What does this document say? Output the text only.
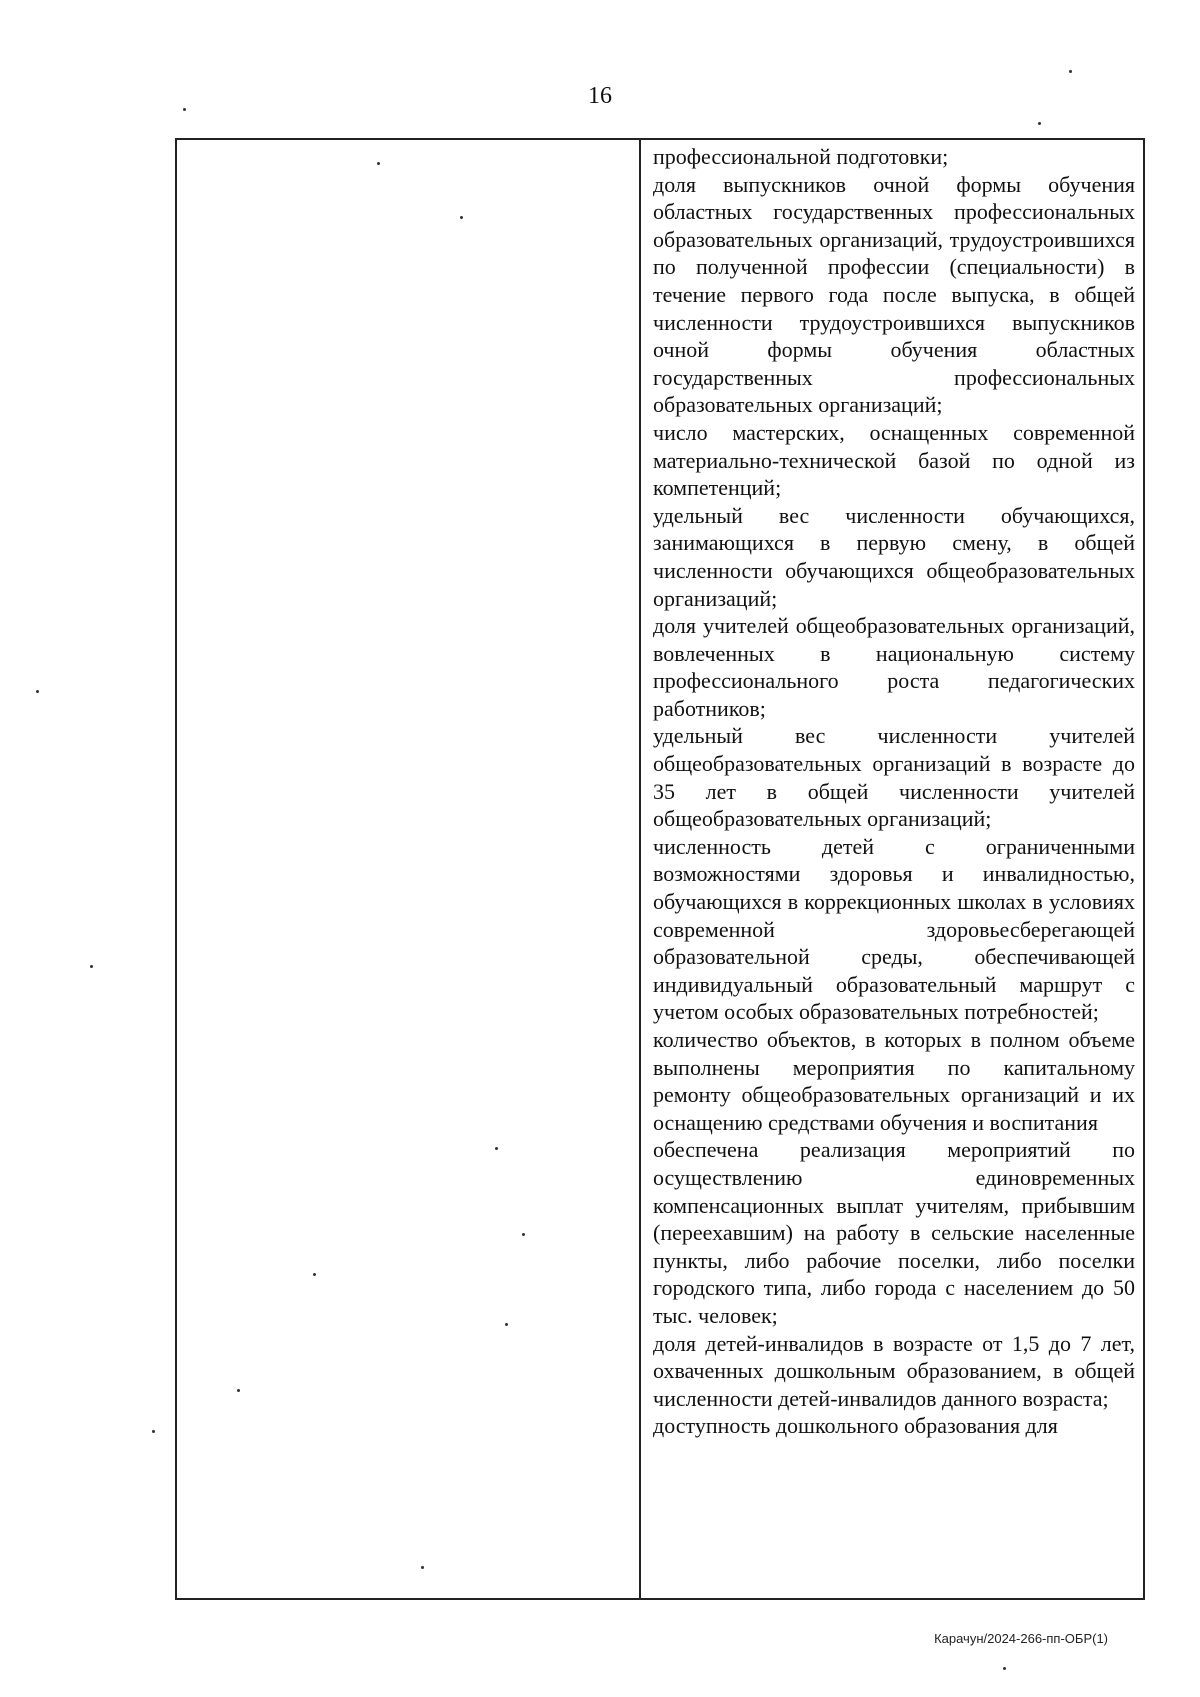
16

профессиональной подготовки;

доля выпускников очной формы обучения областных государственных профессиональных образовательных организаций, трудоустроившихся по полученной профессии (специальности) в течение первого года после выпуска, в общей численности трудоустроившихся выпускников очной формы обучения областных государственных профессиональных образовательных организаций;

число мастерских, оснащенных современной материально-технической базой по одной из компетенций;

удельный вес численности обучающихся, занимающихся в первую смену, в общей численности обучающихся общеобразовательных организаций;

доля учителей общеобразовательных организаций, вовлеченных в национальную систему профессионального роста педагогических работников;

удельный вес численности учителей общеобразовательных организаций в возрасте до 35 лет в общей численности учителей общеобразовательных организаций;

численность детей с ограниченными возможностями здоровья и инвалидностью, обучающихся в коррекционных школах в условиях современной здоровьесберегающей образовательной среды, обеспечивающей индивидуальный образовательный маршрут с учетом особых образовательных потребностей;

количество объектов, в которых в полном объеме выполнены мероприятия по капитальному ремонту общеобразовательных организаций и их оснащению средствами обучения и воспитания

обеспечена реализация мероприятий по осуществлению единовременных компенсационных выплат учителям, прибывшим (переехавшим) на работу в сельские населенные пункты, либо рабочие поселки, либо поселки городского типа, либо города с населением до 50 тыс. человек;

доля детей-инвалидов в возрасте от 1,5 до 7 лет, охваченных дошкольным образованием, в общей численности детей-инвалидов данного возраста;

доступность дошкольного образования для

Карачун/2024-266-пп-ОБР(1)
